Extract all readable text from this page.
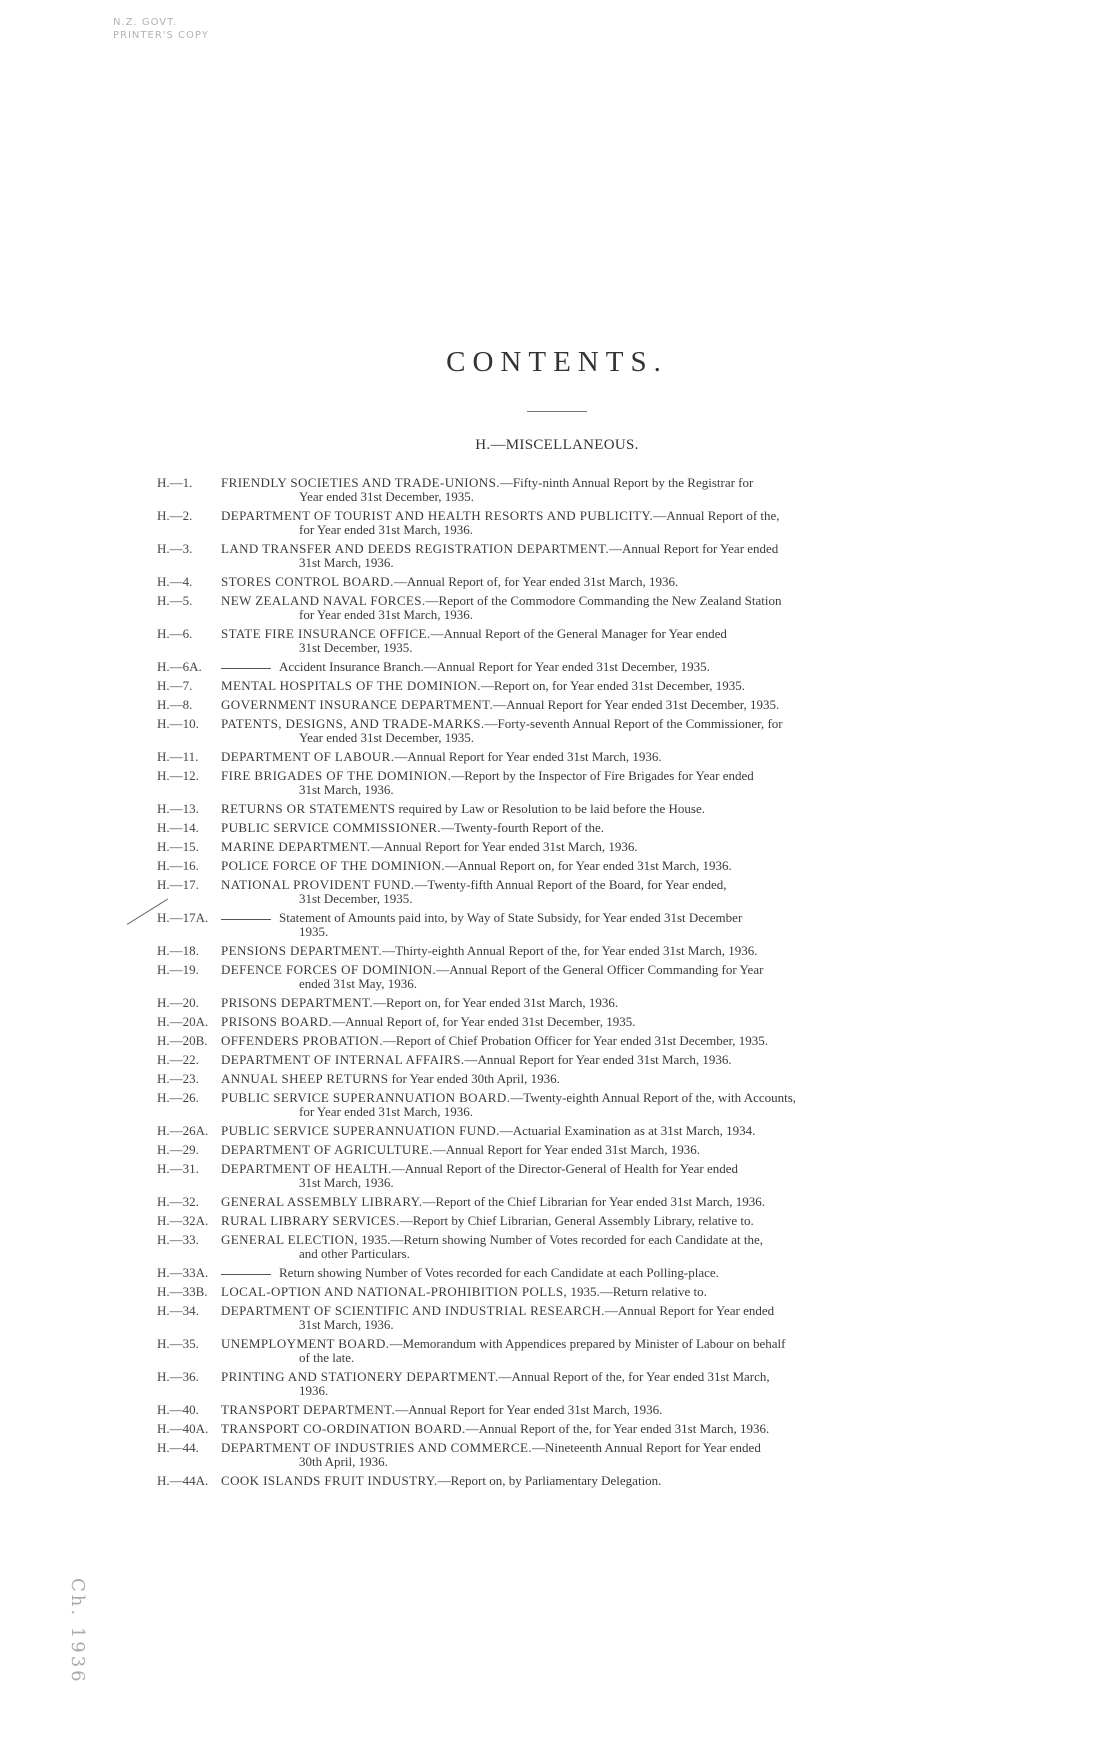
N.Z. GOVT.
PRINTER'S COPY
CONTENTS.
H.—MISCELLANEOUS.
H.—1.	FRIENDLY SOCIETIES AND TRADE-UNIONS.—Fifty-ninth Annual Report by the Registrar for
Year ended 31st December, 1935.
H.—2.	DEPARTMENT OF TOURIST AND HEALTH RESORTS AND PUBLICITY.—Annual Report of the,
for Year ended 31st March, 1936.
H.—3.	LAND TRANSFER AND DEEDS REGISTRATION DEPARTMENT.—Annual Report for Year ended
31st March, 1936.
H.—4.	STORES CONTROL BOARD.—Annual Report of, for Year ended 31st March, 1936.
H.—5.	NEW ZEALAND NAVAL FORCES.—Report of the Commodore Commanding the New Zealand Station
for Year ended 31st March, 1936.
H.—6.	STATE FIRE INSURANCE OFFICE.—Annual Report of the General Manager for Year ended
31st December, 1935.
H.—6A.	Accident Insurance Branch.—Annual Report for Year ended 31st December, 1935.
H.—7.	MENTAL HOSPITALS OF THE DOMINION.—Report on, for Year ended 31st December, 1935.
H.—8.	GOVERNMENT INSURANCE DEPARTMENT.—Annual Report for Year ended 31st December, 1935.
H.—10.	PATENTS, DESIGNS, AND TRADE-MARKS.—Forty-seventh Annual Report of the Commissioner, for
Year ended 31st December, 1935.
H.—11.	DEPARTMENT OF LABOUR.—Annual Report for Year ended 31st March, 1936.
H.—12.	FIRE BRIGADES OF THE DOMINION.—Report by the Inspector of Fire Brigades for Year ended
31st March, 1936.
H.—13.	RETURNS OR STATEMENTS required by Law or Resolution to be laid before the House.
H.—14.	PUBLIC SERVICE COMMISSIONER.—Twenty-fourth Report of the.
H.—15.	MARINE DEPARTMENT.—Annual Report for Year ended 31st March, 1936.
H.—16.	POLICE FORCE OF THE DOMINION.—Annual Report on, for Year ended 31st March, 1936.
H.—17.	NATIONAL PROVIDENT FUND.—Twenty-fifth Annual Report of the Board, for Year ended,
31st December, 1935.
H.—17A.	Statement of Amounts paid into, by Way of State Subsidy, for Year ended 31st December
1935.
H.—18.	PENSIONS DEPARTMENT.—Thirty-eighth Annual Report of the, for Year ended 31st March, 1936.
H.—19.	DEFENCE FORCES OF DOMINION.—Annual Report of the General Officer Commanding for Year
ended 31st May, 1936.
H.—20.	PRISONS DEPARTMENT.—Report on, for Year ended 31st March, 1936.
H.—20A. PRISONS BOARD.—Annual Report of, for Year ended 31st December, 1935.
H.—20B.	OFFENDERS PROBATION.—Report of Chief Probation Officer for Year ended 31st December, 1935.
H.—22.	DEPARTMENT OF INTERNAL AFFAIRS.—Annual Report for Year ended 31st March, 1936.
H.—23.	ANNUAL SHEEP RETURNS for Year ended 30th April, 1936.
H.—26.	PUBLIC SERVICE SUPERANNUATION BOARD.—Twenty-eighth Annual Report of the, with Accounts,
for Year ended 31st March, 1936.
H.—26A. PUBLIC SERVICE SUPERANNUATION FUND.—Actuarial Examination as at 31st March, 1934.
H.—29.	DEPARTMENT OF AGRICULTURE.—Annual Report for Year ended 31st March, 1936.
H.—31.	DEPARTMENT OF HEALTH.—Annual Report of the Director-General of Health for Year ended
31st March, 1936.
H.—32.	GENERAL ASSEMBLY LIBRARY.—Report of the Chief Librarian for Year ended 31st March, 1936.
H.—32A. RURAL LIBRARY SERVICES.—Report by Chief Librarian, General Assembly Library, relative to.
H.—33.	GENERAL ELECTION, 1935.—Return showing Number of Votes recorded for each Candidate at the,
and other Particulars.
H.—33A.	Return showing Number of Votes recorded for each Candidate at each Polling-place.
H.—33B.	LOCAL-OPTION AND NATIONAL-PROHIBITION POLLS, 1935.—Return relative to.
H.—34.	DEPARTMENT OF SCIENTIFIC AND INDUSTRIAL RESEARCH.—Annual Report for Year ended
31st March, 1936.
H.—35.	UNEMPLOYMENT BOARD.—Memorandum with Appendices prepared by Minister of Labour on behalf
of the late.
H.—36.	PRINTING AND STATIONERY DEPARTMENT.—Annual Report of the, for Year ended 31st March,
1936.
H.—40.	TRANSPORT DEPARTMENT.—Annual Report for Year ended 31st March, 1936.
H.—40A. TRANSPORT CO-ORDINATION BOARD.—Annual Report of the, for Year ended 31st March, 1936.
H.—44.	DEPARTMENT OF INDUSTRIES AND COMMERCE.—Nineteenth Annual Report for Year ended
30th April, 1936.
H.—44A. COOK ISLANDS FRUIT INDUSTRY.—Report on, by Parliamentary Delegation.
Ch. 1936
